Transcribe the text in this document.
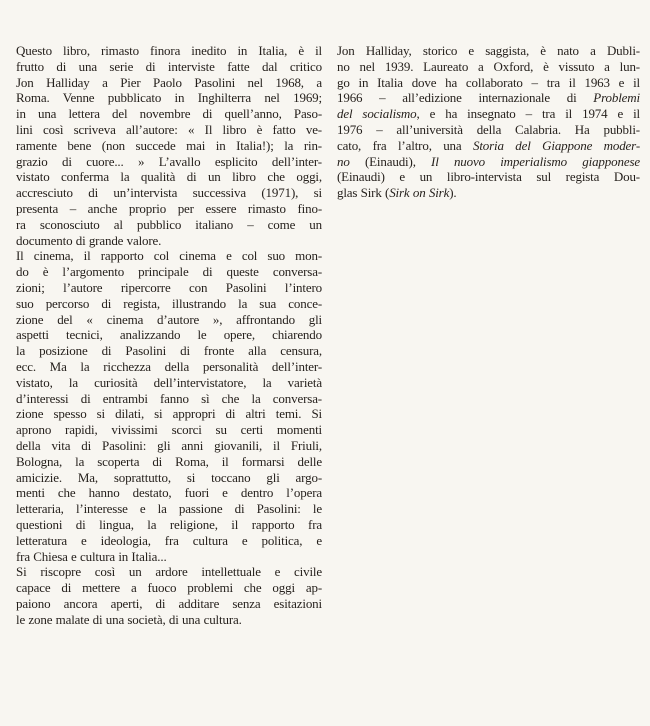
Questo libro, rimasto finora inedito in Italia, è il
frutto di una serie di interviste fatte dal critico
Jon Halliday a Pier Paolo Pasolini nel 1968, a
Roma. Venne pubblicato in Inghilterra nel 1969;
in una lettera del novembre di quell’anno, Paso-
lini così scriveva all’autore: « Il libro è fatto ve-
ramente bene (non succede mai in Italia!); la rin-
grazio di cuore... » L’avallo esplicito dell’inter-
vistato conferma la qualità di un libro che oggi,
accresciuto di un’intervista successiva (1971), si
presenta – anche proprio per essere rimasto fino-
ra sconosciuto al pubblico italiano – come un
documento di grande valore.
Il cinema, il rapporto col cinema e col suo mon-
do è l’argomento principale di queste conversa-
zioni; l’autore ripercorre con Pasolini l’intero
suo percorso di regista, illustrando la sua conce-
zione del « cinema d’autore », affrontando gli
aspetti tecnici, analizzando le opere, chiarendo
la posizione di Pasolini di fronte alla censura,
ecc. Ma la ricchezza della personalità dell’inter-
vistato, la curiosità dell’intervistatore, la varietà
d’interessi di entrambi fanno sì che la conversa-
zione spesso si dilati, si appropri di altri temi. Si
aprono rapidi, vivissimi scorci su certi momenti
della vita di Pasolini: gli anni giovanili, il Friuli,
Bologna, la scoperta di Roma, il formarsi delle
amicizie. Ma, soprattutto, si toccano gli argo-
menti che hanno destato, fuori e dentro l’opera
letteraria, l’interesse e la passione di Pasolini: le
questioni di lingua, la religione, il rapporto fra
letteratura e ideologia, fra cultura e politica, e
fra Chiesa e cultura in Italia...
Si riscopre così un ardore intellettuale e civile
capace di mettere a fuoco problemi che oggi ap-
paiono ancora aperti, di additare senza esitazioni
le zone malate di una società, di una cultura.
Jon Halliday, storico e saggista, è nato a Dubli-
no nel 1939. Laureato a Oxford, è vissuto a lun-
go in Italia dove ha collaborato – tra il 1963 e il
1966 – all’edizione internazionale di Problemi
del socialismo, e ha insegnato – tra il 1974 e il
1976 – all’università della Calabria. Ha pubbli-
cato, fra l’altro, una Storia del Giappone moder-
no (Einaudi), Il nuovo imperialismo giapponese
(Einaudi) e un libro-intervista sul regista Dou-
glas Sirk (Sirk on Sirk).
